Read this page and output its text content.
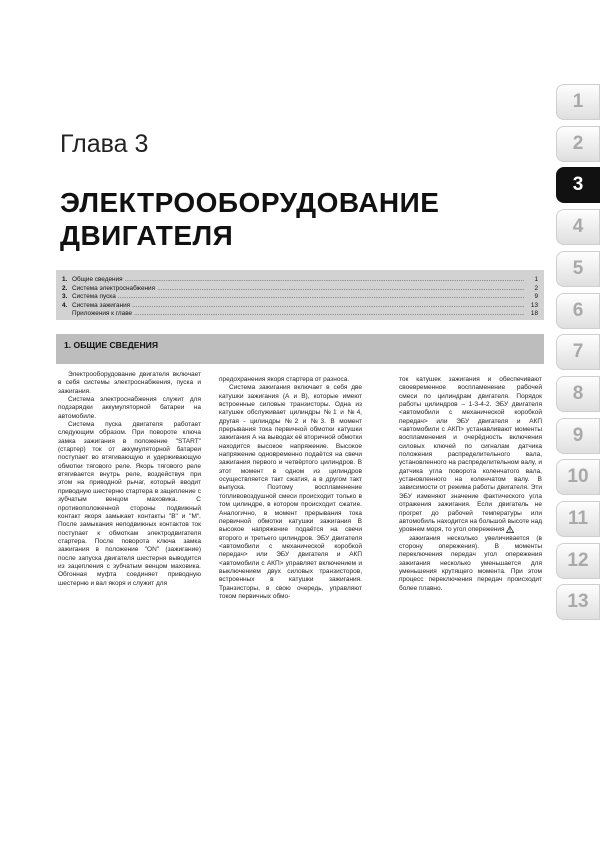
Глава 3
ЭЛЕКТРООБОРУДОВАНИЕ
ДВИГАТЕЛЯ
1. Общие сведения .....	1
2. Система электроснабжения .....	2
3. Система пуска .....	9
4. Система зажигания .....	13
Приложения к главе .....	18
1. ОБЩИЕ СВЕДЕНИЯ

Электрооборудование двигателя включает в себя системы электроснабжения, пуска и зажигания.

Система электроснабжения служит для подзарядки аккумуляторной батареи на автомобиле.

Система пуска двигателя работает следующим образом. При повороте ключа замка зажигания в положение "START" (стартер) ток от аккумуляторной батареи поступает во втягивающую и удерживающую обмотки тягового реле. Якорь тягового реле втягивается внутрь реле, воздействуя при этом на приводной рычаг, который вводит приводную шестерню стартера в зацепление с зубчатым венцом маховика. С противоположенной стороны подвижный контакт якоря замыкает контакты "В" и "М". После замыкания неподвижных контактов ток поступает к обмоткам электродвигателя стартера. После поворота ключа замка зажигания в положение "ON" (зажигание) после запуска двигателя шестерня выводится из зацепления с зубчатым венцом маховика. Обгонная муфта соединяет приводную шестерню и вал якоря и служит для

предохранения якоря стартера от разноса.

Система зажигания включает в себя две катушки зажигания (А и В), которые имеют встроенные силовые транзисторы. Одна из катушек обслуживает цилиндры №1 и №4, другая - цилиндры №2 и №3. В момент прерывания тока первичной обмотки катушки зажигания А на выводах её вторичной обмотки находится высокое напряжение. Высокое напряжение одновременно подаётся на свечи зажигания первого и четвёртого цилиндров. В этот момент в одном из цилиндров осуществляется такт сжатия, а в другом такт выпуска. Поэтому воспламенение топливовоздушной смеси происходит только в том цилиндре, в котором происходит сжатие. Аналогично, в момент прерывания тока первичной обмотки катушки зажигания В высокое напряжение подаётся на свечи второго и третьего цилиндров. ЭБУ двигателя <автомобили с механической коробкой передач> или ЭБУ двигателя и АКП <автомобили с АКП> управляет включением и выключением двух силовых транзисторов, встроенных в катушки зажигания. Транзисторы, в свою очередь, управляют током первичных обмо-

ток катушек зажигания и обеспечивают своевременное воспламенение рабочей смеси по цилиндрам двигателя. Порядок работы цилиндров – 1-3-4-2. ЭБУ двигателя <автомобили с механической коробкой передач> или ЭБУ двигателя и АКП <автомобили с АКП> устанавливают моменты воспламенения и очерёдность включения силовых ключей по сигналам датчика положения распределительного вала, установленного на распределительном валу, и датчика угла поворота коленчатого вала, установленного на коленчатом валу. В зависимости от режима работы двигателя. Эти ЭБУ изменяют значение фактического угла отражения зажигания. Если двигатель не прогрет до рабочей температуры или автомобиль находится на большой высоте над уровнем моря, то угол опережения

зажигания несколько увеличивается (в сторону опережения). В моменты переключения передач угол опережения зажигания несколько уменьшается для уменьшения крутящего момента. При этом процесс переключения передач происходит более плавно.

1
2
3
4
5
6
7
8
9
10
11
12
13
